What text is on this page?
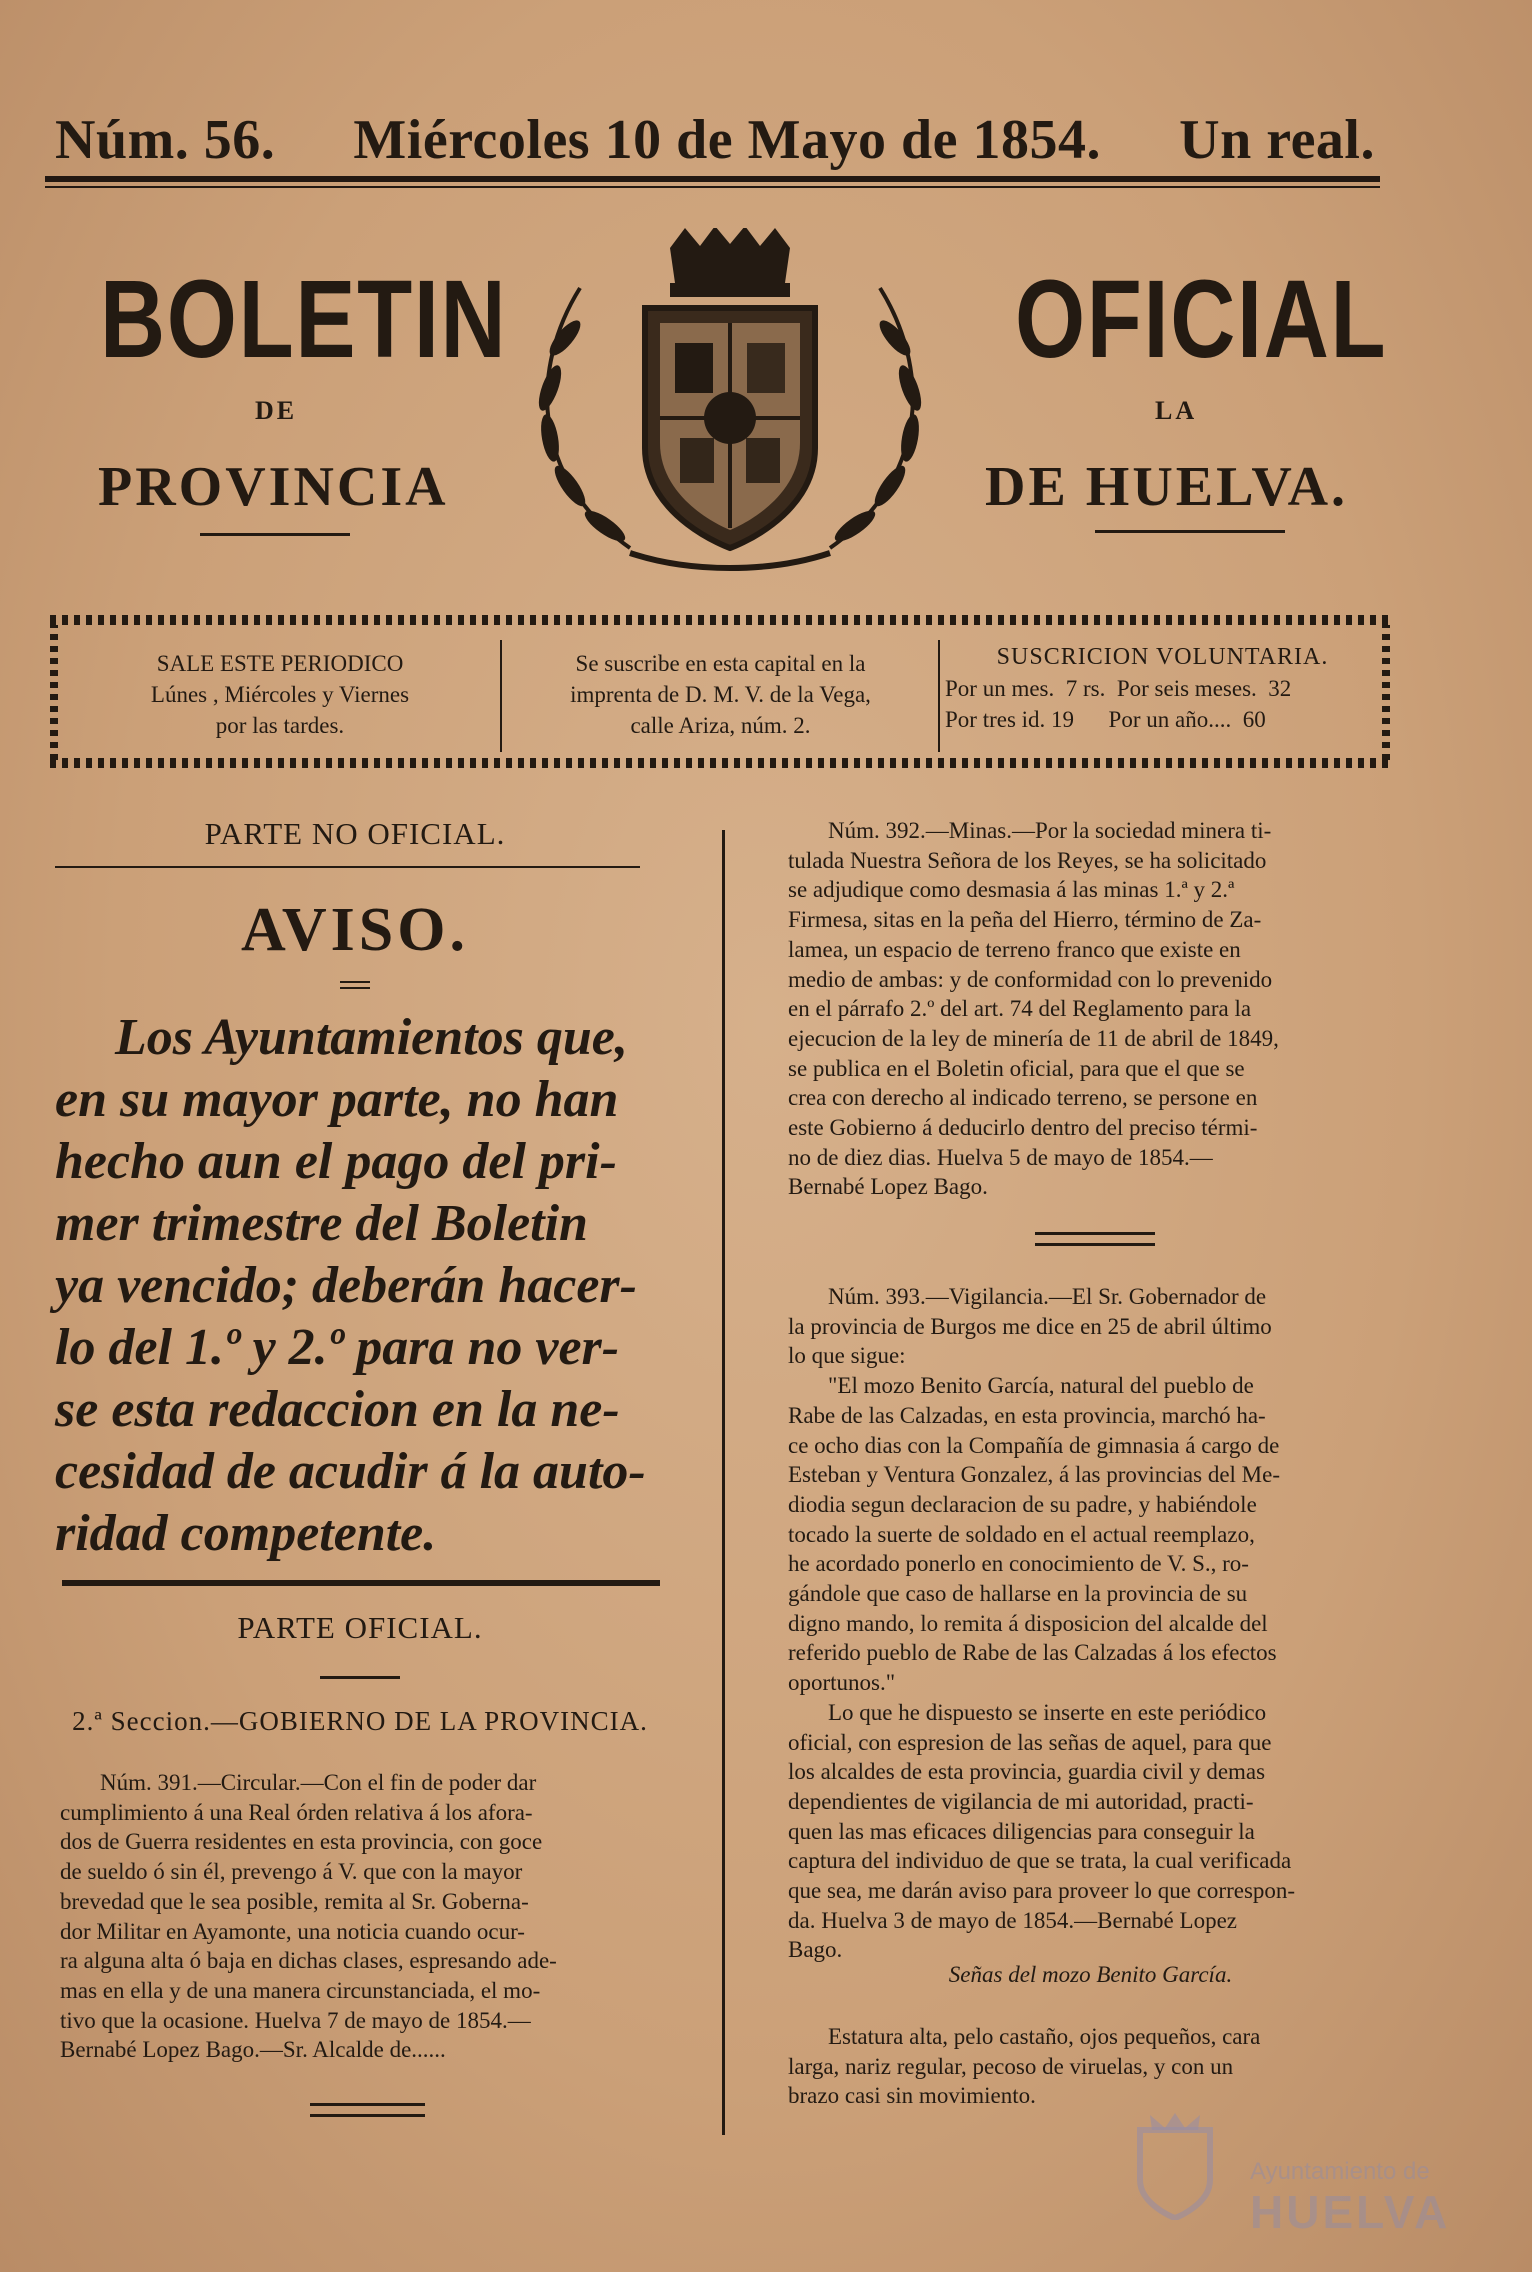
Núm. 56. Miércoles 10 de Mayo de 1854. Un real.
BOLETIN	OFICIAL
DE	LA
PROVINCIA	DE HUELVA.
SALE ESTE PERIODICO
Lúnes , Miércoles y Viernes
por las tardes.
Se suscribe en esta capital en la
imprenta de D. M. V. de la Vega,
calle Ariza, núm. 2.
SUSCRICION VOLUNTARIA.
Por un mes.  7 rs.  Por seis meses.  32
Por tres id. 19      Por un año....  60
PARTE NO OFICIAL.
AVISO.
Los Ayuntamientos que,
en su mayor parte, no han
hecho aun el pago del pri-
mer trimestre del Boletin
ya vencido; deberán hacer-
lo del 1.º y 2.º para no ver-
se esta redaccion en la ne-
cesidad de acudir á la auto-
ridad competente.
PARTE OFICIAL.
2.ª Seccion.—GOBIERNO DE LA PROVINCIA.
Núm. 391.—Circular.—Con el fin de poder dar
cumplimiento á una Real órden relativa á los afora-
dos de Guerra residentes en esta provincia, con goce
de sueldo ó sin él, prevengo á V. que con la mayor
brevedad que le sea posible, remita al Sr. Goberna-
dor Militar en Ayamonte, una noticia cuando ocur-
ra alguna alta ó baja en dichas clases, espresando ade-
mas en ella y de una manera circunstanciada, el mo-
tivo que la ocasione. Huelva 7 de mayo de 1854.—
Bernabé Lopez Bago.—Sr. Alcalde de......
Núm. 392.—Minas.—Por la sociedad minera ti-
tulada Nuestra Señora de los Reyes, se ha solicitado
se adjudique como desmasia á las minas 1.ª y 2.ª
Firmesa, sitas en la peña del Hierro, término de Za-
lamea, un espacio de terreno franco que existe en
medio de ambas: y de conformidad con lo prevenido
en el párrafo 2.º del art. 74 del Reglamento para la
ejecucion de la ley de minería de 11 de abril de 1849,
se publica en el Boletin oficial, para que el que se
crea con derecho al indicado terreno, se persone en
este Gobierno á deducirlo dentro del preciso térmi-
no de diez dias. Huelva 5 de mayo de 1854.—
Bernabé Lopez Bago.
Núm. 393.—Vigilancia.—El Sr. Gobernador de
la provincia de Burgos me dice en 25 de abril último
lo que sigue:
"El mozo Benito García, natural del pueblo de
Rabe de las Calzadas, en esta provincia, marchó ha-
ce ocho dias con la Compañía de gimnasia á cargo de
Esteban y Ventura Gonzalez, á las provincias del Me-
diodia segun declaracion de su padre, y habiéndole
tocado la suerte de soldado en el actual reemplazo,
he acordado ponerlo en conocimiento de V. S., ro-
gándole que caso de hallarse en la provincia de su
digno mando, lo remita á disposicion del alcalde del
referido pueblo de Rabe de las Calzadas á los efectos
oportunos."
Lo que he dispuesto se inserte en este periódico
oficial, con espresion de las señas de aquel, para que
los alcaldes de esta provincia, guardia civil y demas
dependientes de vigilancia de mi autoridad, practi-
quen las mas eficaces diligencias para conseguir la
captura del individuo de que se trata, la cual verificada
que sea, me darán aviso para proveer lo que correspon-
da. Huelva 3 de mayo de 1854.—Bernabé Lopez
Bago.
Señas del mozo Benito García.
Estatura alta, pelo castaño, ojos pequeños, cara
larga, nariz regular, pecoso de viruelas, y con un
brazo casi sin movimiento.
Ayuntamiento de
HUELVA
